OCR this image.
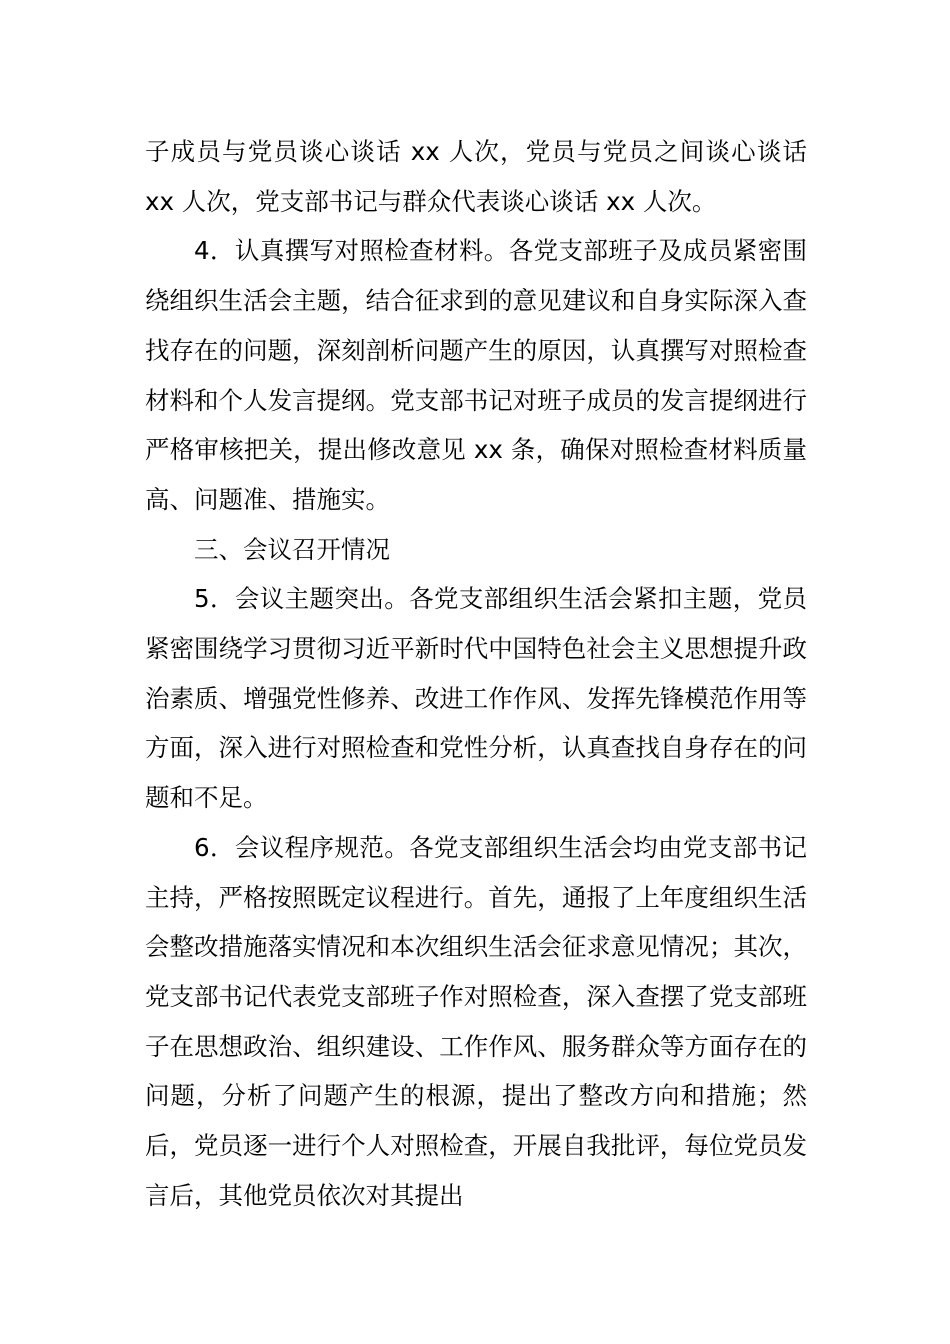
子成员与党员谈心谈话 xx 人次，党员与党员之间谈心谈话 xx 人次，党支部书记与群众代表谈心谈话 xx 人次。

4．认真撰写对照检查材料。各党支部班子及成员紧密围绕组织生活会主题，结合征求到的意见建议和自身实际深入查找存在的问题，深刻剖析问题产生的原因，认真撰写对照检查材料和个人发言提纲。党支部书记对班子成员的发言提纲进行严格审核把关，提出修改意见 xx 条，确保对照检查材料质量高、问题准、措施实。

三、会议召开情况

5．会议主题突出。各党支部组织生活会紧扣主题，党员紧密围绕学习贯彻习近平新时代中国特色社会主义思想提升政治素质、增强党性修养、改进工作作风、发挥先锋模范作用等方面，深入进行对照检查和党性分析，认真查找自身存在的问题和不足。

6．会议程序规范。各党支部组织生活会均由党支部书记主持，严格按照既定议程进行。首先，通报了上年度组织生活会整改措施落实情况和本次组织生活会征求意见情况；其次，党支部书记代表党支部班子作对照检查，深入查摆了党支部班子在思想政治、组织建设、工作作风、服务群众等方面存在的问题，分析了问题产生的根源，提出了整改方向和措施；然后，党员逐一进行个人对照检查，开展自我批评，每位党员发言后，其他党员依次对其提出
